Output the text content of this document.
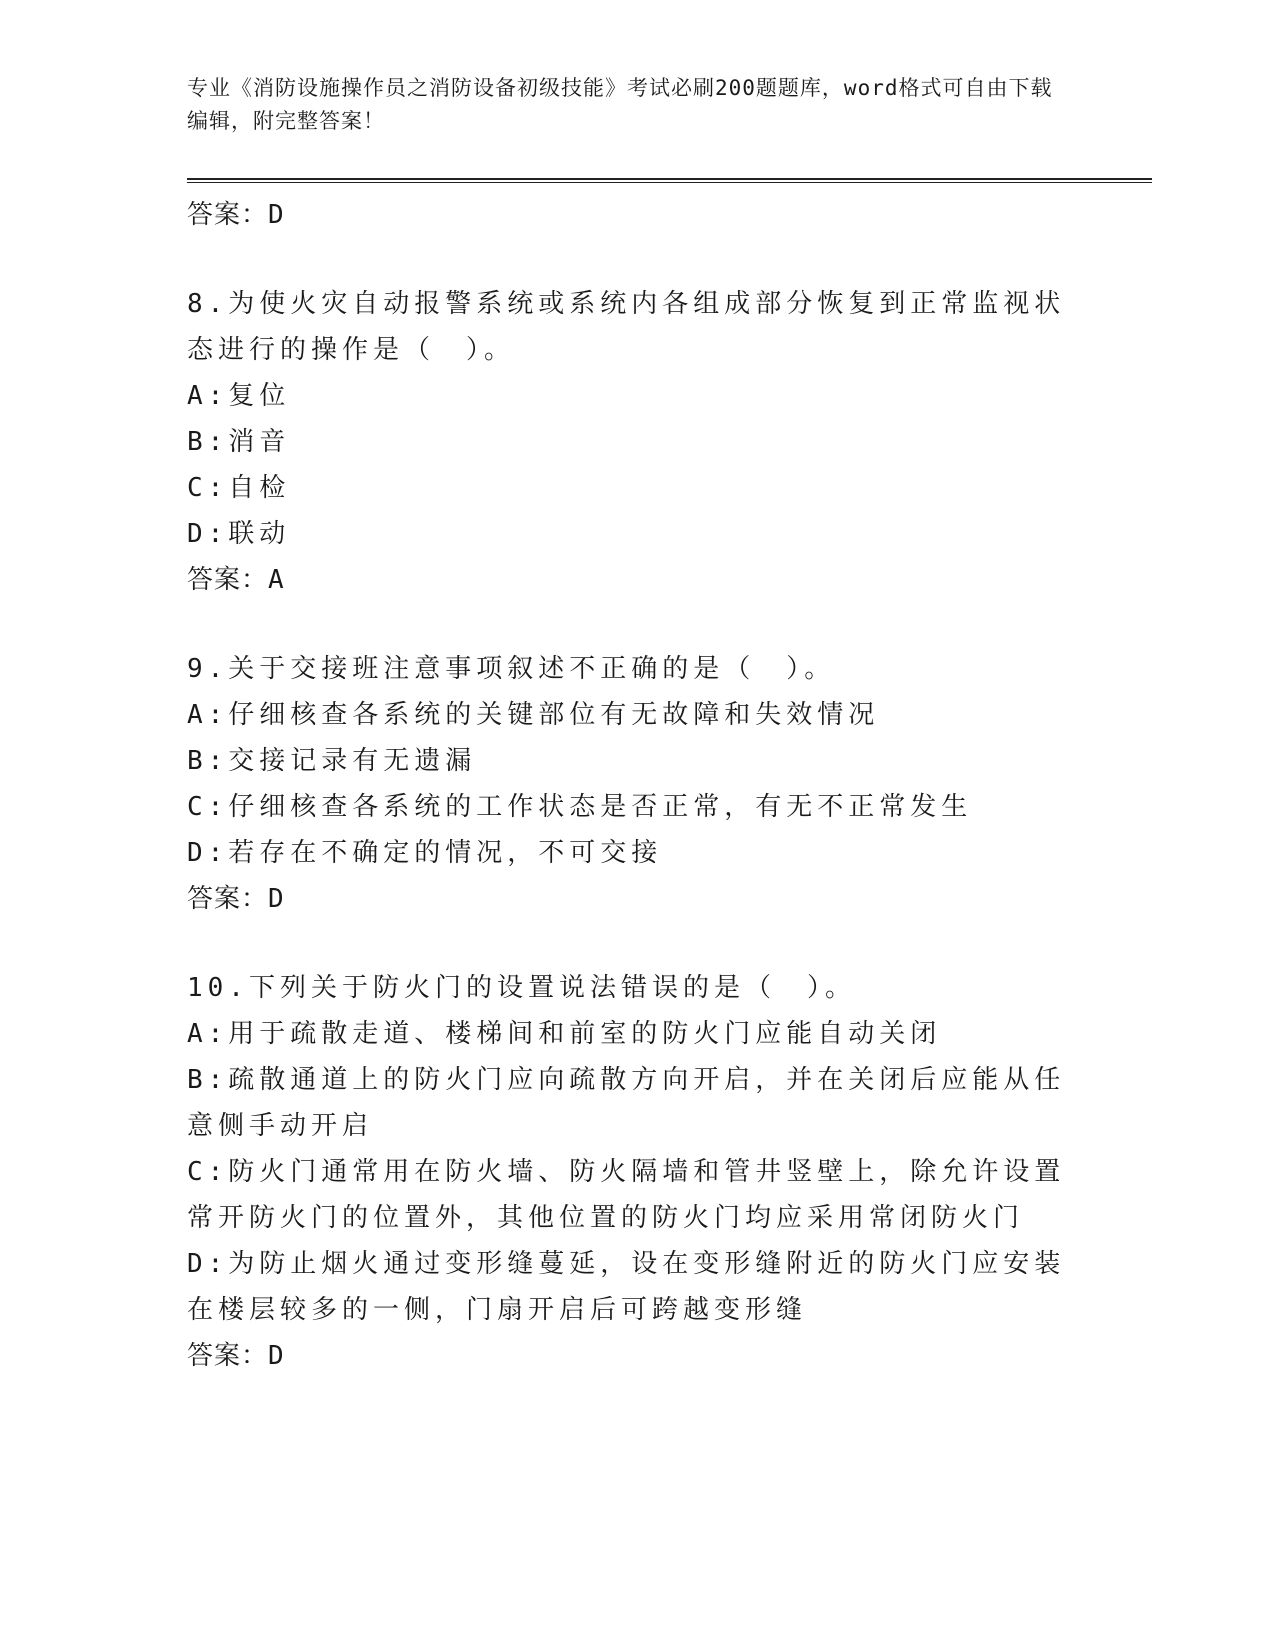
专业《消防设施操作员之消防设备初级技能》考试必刷200题题库，word格式可自由下载编辑，附完整答案！
答案：D

8.为使火灾自动报警系统或系统内各组成部分恢复到正常监视状态进行的操作是（　）。

A:复位

B:消音

C:自检

D:联动

答案：A

9.关于交接班注意事项叙述不正确的是（　）。

A:仔细核查各系统的关键部位有无故障和失效情况

B:交接记录有无遗漏

C:仔细核查各系统的工作状态是否正常，有无不正常发生

D:若存在不确定的情况，不可交接

答案：D

10.下列关于防火门的设置说法错误的是（　）。

A:用于疏散走道、楼梯间和前室的防火门应能自动关闭

B:疏散通道上的防火门应向疏散方向开启，并在关闭后应能从任意侧手动开启

C:防火门通常用在防火墙、防火隔墙和管井竖壁上，除允许设置常开防火门的位置外，其他位置的防火门均应采用常闭防火门

D:为防止烟火通过变形缝蔓延，设在变形缝附近的防火门应安装在楼层较多的一侧，门扇开启后可跨越变形缝

答案：D
